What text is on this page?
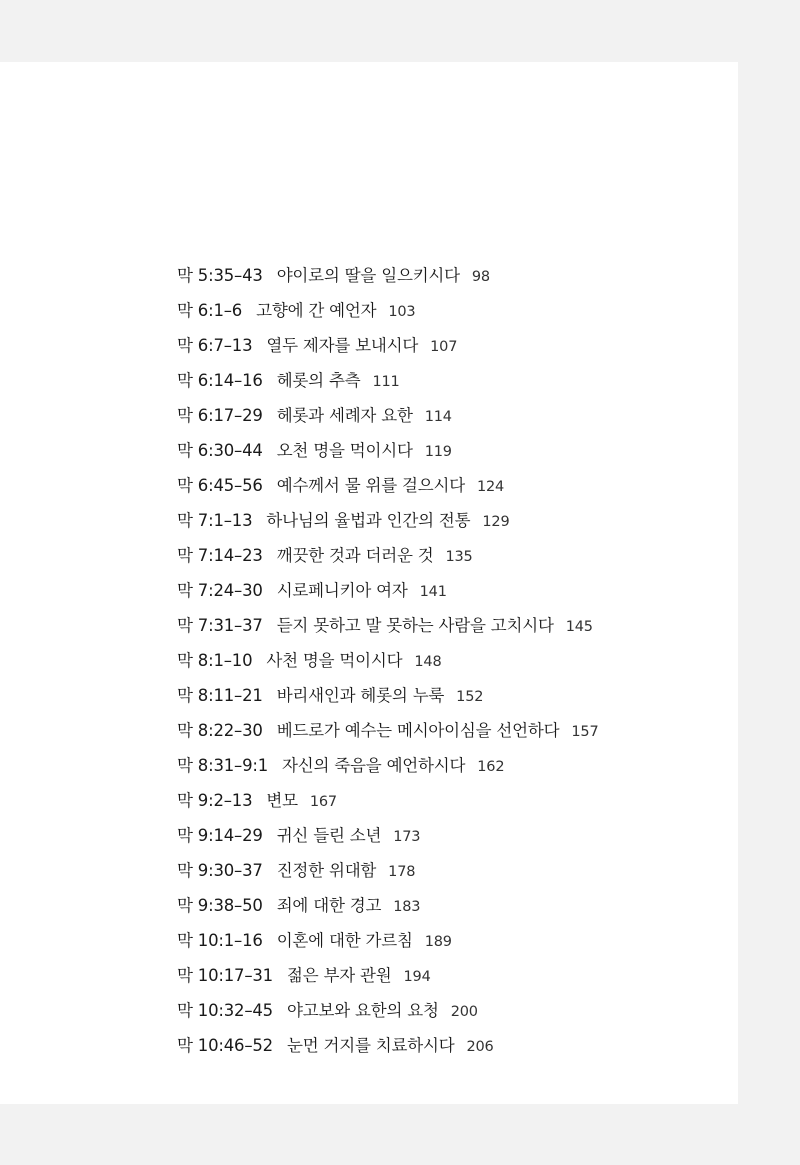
막 5:35–43 야이로의 딸을 일으키시다 98
막 6:1–6 고향에 간 예언자 103
막 6:7–13 열두 제자를 보내시다 107
막 6:14–16 헤롯의 추측 111
막 6:17–29 헤롯과 세례자 요한 114
막 6:30–44 오천 명을 먹이시다 119
막 6:45–56 예수께서 물 위를 걸으시다 124
막 7:1–13 하나님의 율법과 인간의 전통 129
막 7:14–23 깨끗한 것과 더러운 것 135
막 7:24–30 시로페니키아 여자 141
막 7:31–37 듣지 못하고 말 못하는 사람을 고치시다 145
막 8:1–10 사천 명을 먹이시다 148
막 8:11–21 바리새인과 헤롯의 누룩 152
막 8:22–30 베드로가 예수는 메시아이심을 선언하다 157
막 8:31–9:1 자신의 죽음을 예언하시다 162
막 9:2–13 변모 167
막 9:14–29 귀신 들린 소년 173
막 9:30–37 진정한 위대함 178
막 9:38–50 죄에 대한 경고 183
막 10:1–16 이혼에 대한 가르침 189
막 10:17–31 젊은 부자 관원 194
막 10:32–45 야고보와 요한의 요청 200
막 10:46–52 눈먼 거지를 치료하시다 206
